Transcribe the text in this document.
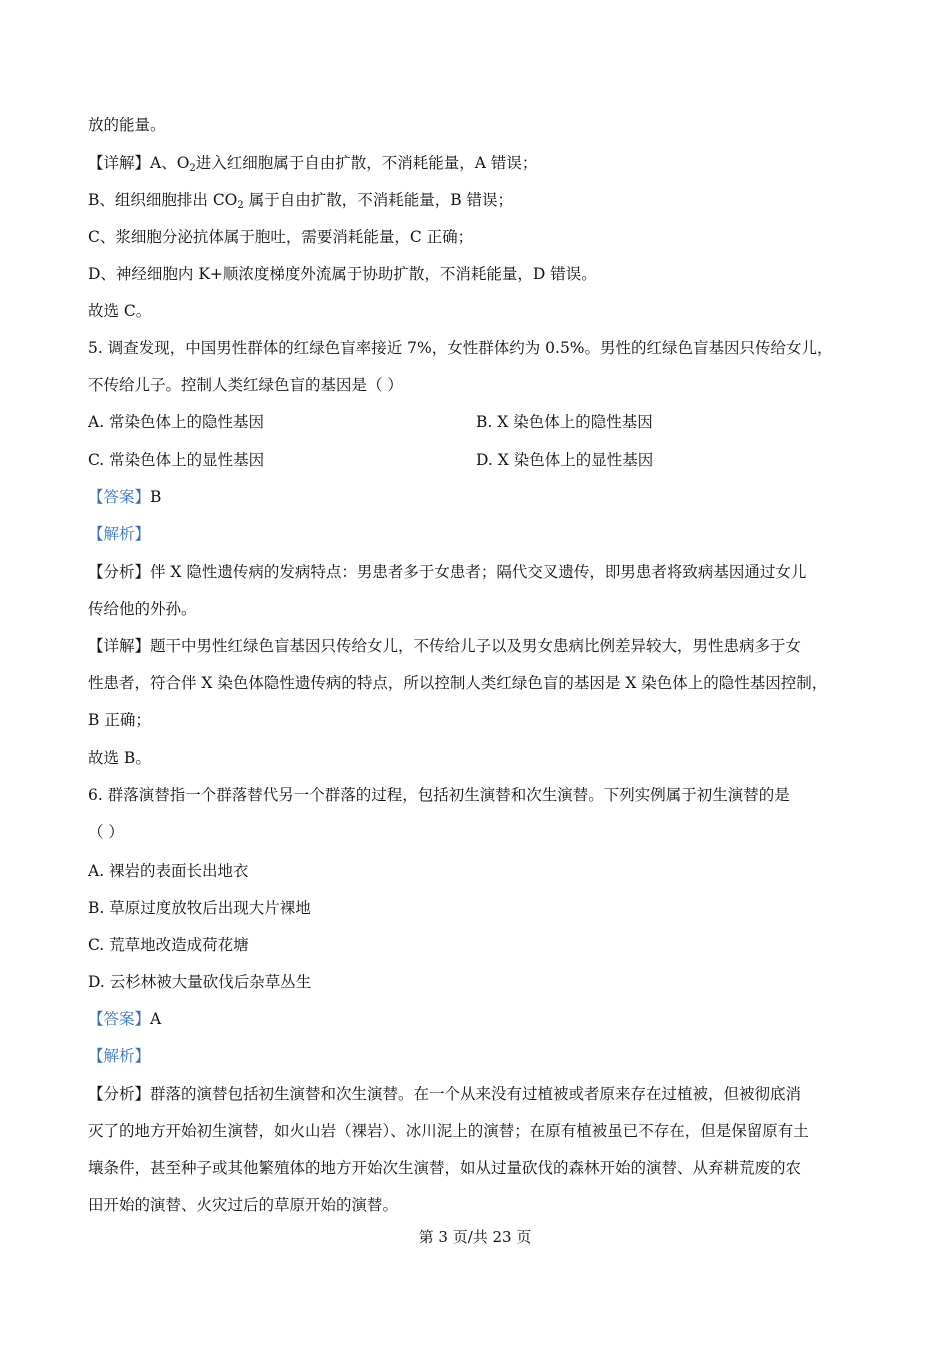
放的能量。
【详解】A、$O_2$进入红细胞属于自由扩散，不消耗能量，A 错误；
B、组织细胞排出 $CO_2$ 属于自由扩散，不消耗能量，B 错误；
C、浆细胞分泌抗体属于胞吐，需要消耗能量，C 正确；
D、神经细胞内 K+顺浓度梯度外流属于协助扩散，不消耗能量，D 错误。
故选 C。
5. 调查发现，中国男性群体的红绿色盲率接近 7%，女性群体约为 0.5%。男性的红绿色盲基因只传给女儿，
不传给儿子。控制人类红绿色盲的基因是（ ）
A. 常染色体上的隐性基因	B. X 染色体上的隐性基因
C. 常染色体上的显性基因	D. X 染色体上的显性基因
【答案】B
【解析】
【分析】伴 X 隐性遗传病的发病特点：男患者多于女患者；隔代交叉遗传，即男患者将致病基因通过女儿
传给他的外孙。
【详解】题干中男性红绿色盲基因只传给女儿，不传给儿子以及男女患病比例差异较大，男性患病多于女
性患者，符合伴 X 染色体隐性遗传病的特点，所以控制人类红绿色盲的基因是 X 染色体上的隐性基因控制，
B 正确；
故选 B。
6. 群落演替指一个群落替代另一个群落的过程，包括初生演替和次生演替。下列实例属于初生演替的是
（ ）
A. 裸岩的表面长出地衣
B. 草原过度放牧后出现大片裸地
C. 荒草地改造成荷花塘
D. 云杉林被大量砍伐后杂草丛生
【答案】A
【解析】
【分析】群落的演替包括初生演替和次生演替。在一个从来没有过植被或者原来存在过植被，但被彻底消
灭了的地方开始初生演替，如火山岩（裸岩）、冰川泥上的演替；在原有植被虽已不存在，但是保留原有土
壤条件，甚至种子或其他繁殖体的地方开始次生演替，如从过量砍伐的森林开始的演替、从弃耕荒废的农
田开始的演替、火灾过后的草原开始的演替。
第 3 页/共 23 页
